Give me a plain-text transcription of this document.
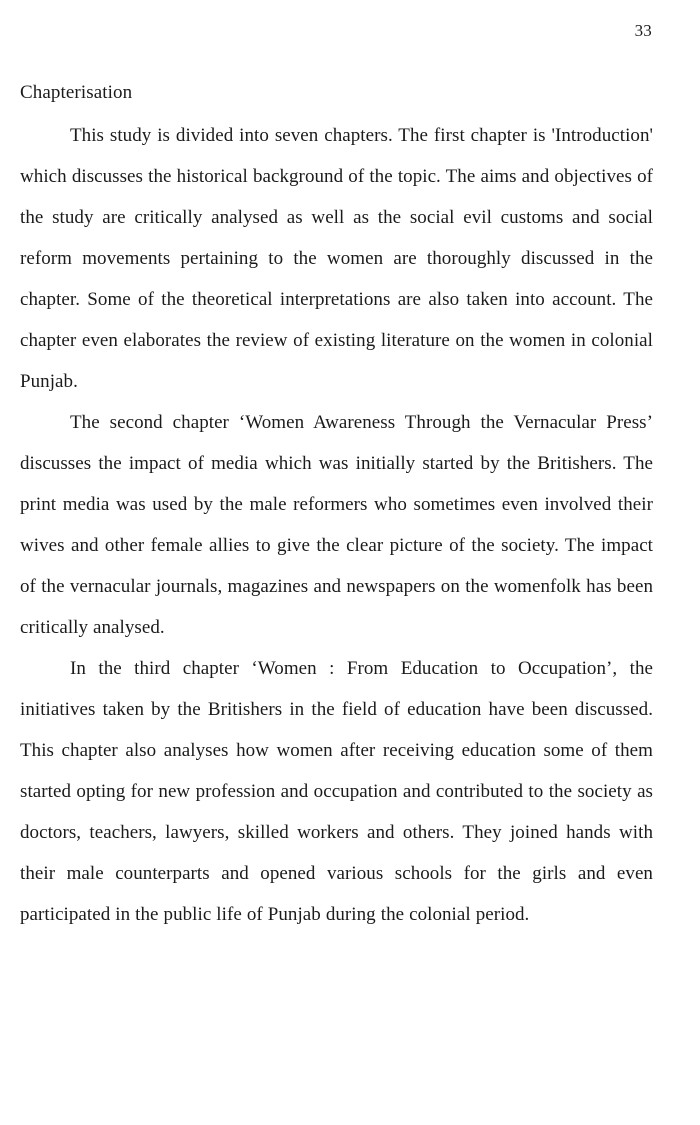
33
Chapterisation

This study is divided into seven chapters. The first chapter is 'Introduction' which discusses the historical background of the topic. The aims and objectives of the study are critically analysed as well as the social evil customs and social reform movements pertaining to the women are thoroughly discussed in the chapter. Some of the theoretical interpretations are also taken into account. The chapter even elaborates the review of existing literature on the women in colonial Punjab.

The second chapter ‘Women Awareness Through the Vernacular Press’ discusses the impact of media which was initially started by the Britishers. The print media was used by the male reformers who sometimes even involved their wives and other female allies to give the clear picture of the society. The impact of the vernacular journals, magazines and newspapers on the womenfolk has been critically analysed.

In the third chapter ‘Women : From Education to Occupation’, the initiatives taken by the Britishers in the field of education have been discussed. This chapter also analyses how women after receiving education some of them started opting for new profession and occupation and contributed to the society as doctors, teachers, lawyers, skilled workers and others. They joined hands with their male counterparts and opened various schools for the girls and even participated in the public life of Punjab during the colonial period.
